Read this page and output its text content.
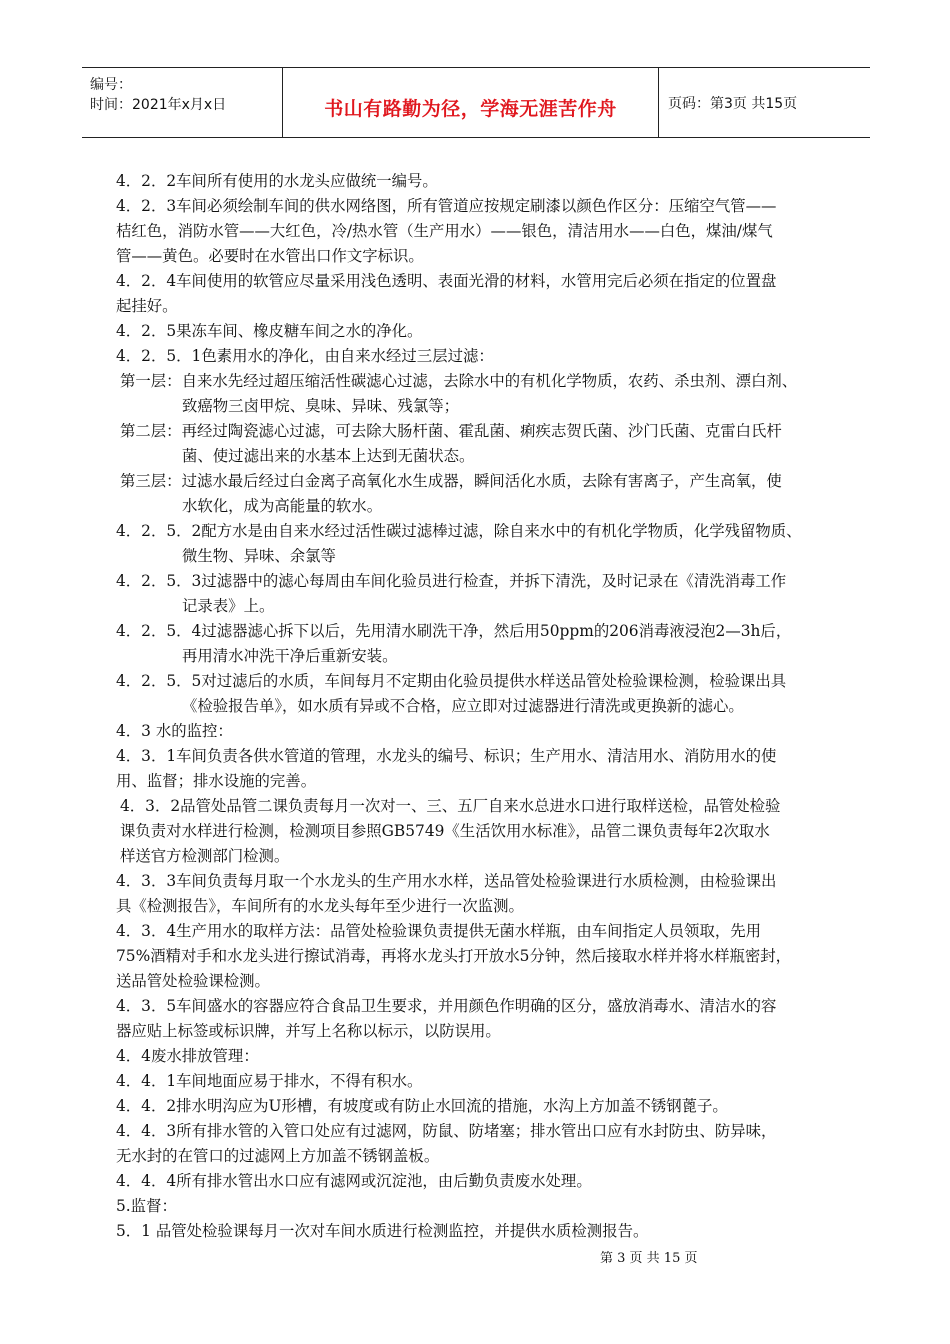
编号：
时间：2021年x月x日	书山有路勤为径，学海无涯苦作舟	页码：第3页 共15页
4．2．2车间所有使用的水龙头应做统一编号。
4．2．3车间必须绘制车间的供水网络图，所有管道应按规定刷漆以颜色作区分：压缩空气管——
桔红色，消防水管——大红色，冷/热水管（生产用水）——银色，清洁用水——白色，煤油/煤气
管——黄色。必要时在水管出口作文字标识。
4．2．4车间使用的软管应尽量采用浅色透明、表面光滑的材料，水管用完后必须在指定的位置盘
起挂好。
4．2．5果冻车间、橡皮糖车间之水的净化。
4．2．5．1色素用水的净化，由自来水经过三层过滤：
第一层：自来水先经过超压缩活性碳滤心过滤，去除水中的有机化学物质，农药、杀虫剂、漂白剂、
致癌物三卤甲烷、臭味、异味、残氯等；
第二层：再经过陶瓷滤心过滤，可去除大肠杆菌、霍乱菌、痢疾志贺氏菌、沙门氏菌、克雷白氏杆
菌、使过滤出来的水基本上达到无菌状态。
第三层：过滤水最后经过白金离子高氧化水生成器，瞬间活化水质，去除有害离子，产生高氧，使
水软化，成为高能量的软水。
4．2．5．2配方水是由自来水经过活性碳过滤棒过滤，除自来水中的有机化学物质，化学残留物质、
微生物、异味、余氯等
4．2．5．3过滤器中的滤心每周由车间化验员进行检查，并拆下清洗，及时记录在《清洗消毒工作
记录表》上。
4．2．5．4过滤器滤心拆下以后，先用清水刷洗干净，然后用50ppm的206消毒液浸泡2—3h后，
再用清水冲洗干净后重新安装。
4．2．5．5对过滤后的水质，车间每月不定期由化验员提供水样送品管处检验课检测，检验课出具
《检验报告单》，如水质有异或不合格，应立即对过滤器进行清洗或更换新的滤心。
4．3 水的监控：
4．3．1车间负责各供水管道的管理，水龙头的编号、标识；生产用水、清洁用水、消防用水的使
用、监督；排水设施的完善。
4．3．2品管处品管二课负责每月一次对一、三、五厂自来水总进水口进行取样送检，品管处检验
课负责对水样进行检测，检测项目参照GB5749《生活饮用水标准》，品管二课负责每年2次取水
样送官方检测部门检测。
4．3．3车间负责每月取一个水龙头的生产用水水样，送品管处检验课进行水质检测，由检验课出
具《检测报告》，车间所有的水龙头每年至少进行一次监测。
4．3．4生产用水的取样方法：品管处检验课负责提供无菌水样瓶，由车间指定人员领取，先用
75%酒精对手和水龙头进行擦试消毒，再将水龙头打开放水5分钟，然后接取水样并将水样瓶密封，
送品管处检验课检测。
4．3．5车间盛水的容器应符合食品卫生要求，并用颜色作明确的区分，盛放消毒水、清洁水的容
器应贴上标签或标识牌，并写上名称以标示，以防误用。
4．4废水排放管理：
4．4．1车间地面应易于排水，不得有积水。
4．4．2排水明沟应为U形槽，有坡度或有防止水回流的措施，水沟上方加盖不锈钢蓖子。
4．4．3所有排水管的入管口处应有过滤网，防鼠、防堵塞；排水管出口应有水封防虫、防异味，
无水封的在管口的过滤网上方加盖不锈钢盖板。
4．4．4所有排水管出水口应有滤网或沉淀池，由后勤负责废水处理。
5.监督：
5．1 品管处检验课每月一次对车间水质进行检测监控，并提供水质检测报告。
第 3 页 共 15 页
